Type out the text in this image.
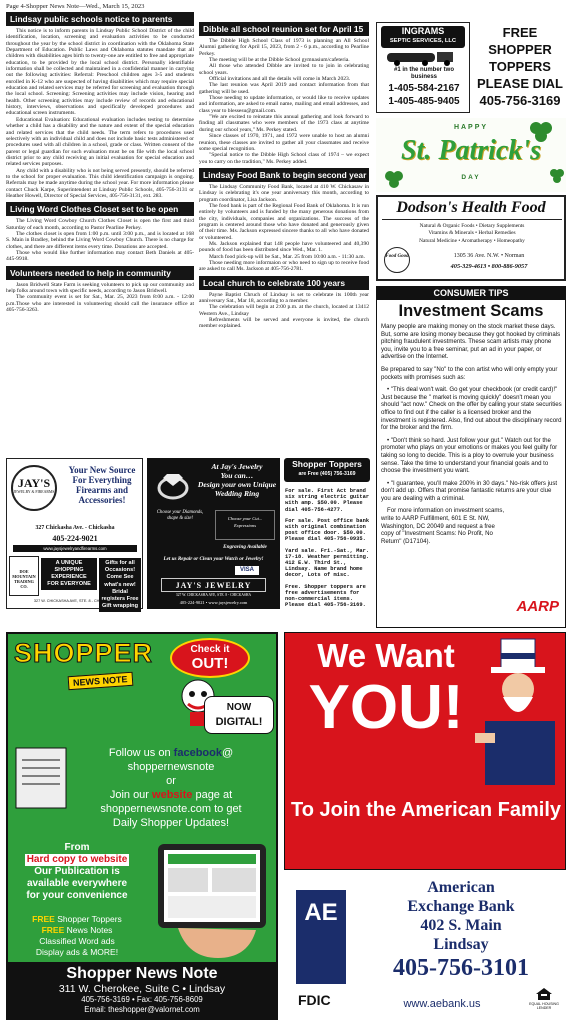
Page 4-Shopper News Note—Wed., March 15, 2023
Lindsay public schools notice to parents

This notice is to inform parents in Lindsay Public School District of the child identification, location, screening and evaluation activities to be conducted throughout the year by the school district in coordination with the Oklahoma State Department of Education. Public Laws and Oklahoma statutes mandate that all children with disabilities ages birth to twenty-one are entitled to free and appropriate education, to be provided by the local school district. Personally identifiable information shall be collected and maintained in a confidential manner in carrying out the following activities: Referral: Preschool children ages 3-5 and students enrolled in K-12 who are suspected of having disabilities which may require special education and related services may be referred for screening and evaluation through the local school. Screening: Screening activities may include vision, hearing and health. Other screening activities may include review of records and educational history, interviews, observations and specifically developed procedures and educational screen instruments.

Educational Evaluation: Educational evaluation includes testing to determine whether a child has a disability and the nature and extent of the special education and related services that the child needs. The term refers to procedures used selectively with an individual child and does not include basic tests administered or procedures used with all children in a school, grade or class. Written consent of the parent or legal guardian for such evaluation must be on file with the local school district prior to any child receiving an initial evaluation for special education and related services purposes.

Any child with a disability who is not being served presently, should be referred to the school for proper evaluation. This child identification campaign is ongoing. Referrals may be made anytime during the school year. For more information please contact Chuck Karpe, Superintendent at Lindsay Public Schools, 405-756-3131 or Heather Howell, Director of Special Services, 405-756-3131, ext. 283.

Living Word Clothes Closet set to be open

The Living Word Cowboy Church Clothes Closet is open the first and third Saturday of each month, according to Pastor Pearline Perkey.

The clothes closet is open from 1:00 p.m. until 3:00 p.m., and is located at 168 S. Main in Bradley, behind the Living Word Cowboy Church. There is no charge for clothes, and there are different items every time. Donations are accepted.

Those who would like further information may contact Beth Daniels at 405-445-9918.

Volunteers needed to help in community

Jason Bridwell State Farm is seeking volunteers to pick up our community and help folks around town with specific needs, according to Jason Bridwell.

The community event is set for Sat., Mar. 25, 2023 from 8:00 a.m. - 12:00 p.m.Those who are interested in volunteering should call the insurance office at 405-756-3263.

Dibble all school reunion set for April 15

The Dibble High School Class of 1973 is planning an All School Alumni gathering for April 15, 2023, from 2 - 6 p.m., according to Pearline Perkey.

The meeting will be at the Dibble School gymnasium/cafeteria.

All those who attended Dibble are invited to to join in celebrating school years.

Official invitations and all the details will come in March 2023.

The last reunion was April 2019 and contact information from that gathering will be used.

Those needing to update information, or would like to receive updates and information, are asked to email name, mailing and email addresses, and class year to blessesu@gmail.com.

"We are excited to reinstate this annual gathering and look forward to finding all classmates who were members of the 1973 class at anytime during our school years," Ms. Perkey stated.

Since classes of 1970, 1971, and 1972 were unable to host an alumni reunion, these classes are invited to gather all your classmates and receive some special recognition.

"Special notice to the Dibble High School class of 1974 – we expect you to carry on the tradition," Ms. Perkey added.

Lindsay Food Bank to begin second year

The Lindsay Community Food Bank, located at 410 W. Chickasaw in Lindsay is celebrating it's one year anniversary this month, according to program coordinator, Lisa Jackson.

The food bank is part of the Regional Food Bank of Oklahoma. It is run entirely by volunteers and is funded by the many generous donations from the city, individuals, companies and organizations. The success of the program is centered around those who have donated and generously given of their time. Ms. Jackson expressed sincere thanks to all who have donated or volunteered.

Ms. Jackson explained that 148 people have volunteered and 40,390 pounds of food has been distributed since Wed., Mar. 1.

March food pick-up will be Sat., Mar. 25 from 10:00 a.m. - 11:30 a.m.

Those needing more informaion or who need to sign up to receive food are asked to call Ms. Jackson at 405-756-2781.

Local church to celebrate 100 years

Payne Baptist Chruch of Lindsay is set to celebrate its 100th year anniversary Sat., Mar 18, according to a member.

The celebration will begin at 2:00 p.m. at the church, located at 13412 Western Ave., Lindsay

Refreshments will be served and everyone is invited, the church member explained.

INGRAMS
SEPTIC SERVICES, LLC
#1 in the number two business
1-405-584-2167
1-405-485-9405
FREE
SHOPPER
TOPPERS
PLEASE DIAL
405-756-3169
HAPPY
St. Patrick's
DAY
Dodson's Health Food
Natural & Organic Foods • Dietary Supplements
Vitamins & Minerals • Herbal Remedies
Natural Medicine • Aromatherapy • Homeopathy
Food Good	1305 36 Ave. N.W. • Norman
405-329-4613 • 800-886-9057
CONSUMER TIPS
Investment Scams

Many people are making money on the stock market these days. But, some are losing money because they got hooked by criminals pitching fraudulent investments. These scam artists may phone you, invite you to a free seminar, put an ad in your paper, or advertise on the Internet.

Be prepared to say "No" to the con artist who will only empty your pockets with promises such as:

• "This deal won't wait. Go get your checkbook (or credit card)!" Just because the " market is moving quickly" doesn't mean you should "act now." Check on the offer by calling your state securities office to find out if the caller is a licensed broker and the investment is registered. Also, find out about the disciplinary record for the broker and the firm.

• "Don't think so hard. Just follow your gut." Watch out for the promoter who plays on your emotions or makes you feel guilty for taking so long to decide. This is a ploy to overrule your business sense. Take the time to understand your financial goals and to choose the investment you want.

• "I guarantee, you'll make 200% in 30 days." No-risk offers just don't add up. Offers that promise fantastic returns are your clue you are dealing with a criminal.

For more information on investment scams, write to AARP Fulfillment, 601 E St. NW, Washington, DC 20049 and request a free copy of "Investment Scams: No Profit, No Return" (D17104).

AARP
Shopper Toppers
are Free (405) 756-3169

For sale. First Act brand six string electric guitar with amp. $50.00. Please dial 405-756-4277.

For sale. Post office bank with original combination post office door. $50.00. Please dial 405-756-0935.

Yard sale. Fri.-Sat., Mar. 17-18. Weather permitting. 412 E.W. Third St., Lindsay. Name brand home decor, Lots of misc.

Free. Shopper toppers are free advertisements for non-commercial items. Please dial 405-756-3169.

JAY'S
JEWELRY & FIREARMS
Your New Source For Everything Firearms and Accessories!
327 Chickasha Ave. - Chickasha
405-224-9021
www.jaysjewelryandfirearms.com
DOE MOUNTAIN TRADING CO.
A UNIQUE SHOPPING EXPERIENCE
FOR EVERYONE
Gifts for all Occasions! Come See what's new! Bridal registers Free Gift wrapping
327 W. CHICKASHA AVE, STE. 8 - CHICKASHA
At Jay's Jewelry
You can…
Design your own Unique Wedding Ring
Choose your Diamonds, shape & size!	Choose your Cut...
Expressions
Engraving Available
Let us Repair or Clean your Watch or Jewelry!
VISA
JAY'S JEWELRY
327 W. CHICKASHA AVE, STE. 8 - CHICKASHA
405-224-9021 • www.jaysjewelry.com
SHOPPER
NEWS NOTE
Check it
OUT!
NOW
DIGITAL!
Follow us on facebook@
shoppernewsnote
or
Join our website page at
shoppernewsnote.com to get
Daily Shopper Updates!
From
Hard copy to website
Our Publication is
available everywhere
for your convenience
FREE Shopper Toppers
FREE News Notes
Classified Word ads
Display ads & MORE!
Shopper News Note
311 W. Cherokee, Suite C • Lindsay
405-756-3169 • Fax: 405-756-8609
Email: theshopper@valornet.com
We Want
YOU!
To Join the American Family
AE
American
Exchange Bank
402 S. Main
Lindsay
405-756-3101
FDIC	www.aebank.us	EQUAL HOUSING
LENDER
